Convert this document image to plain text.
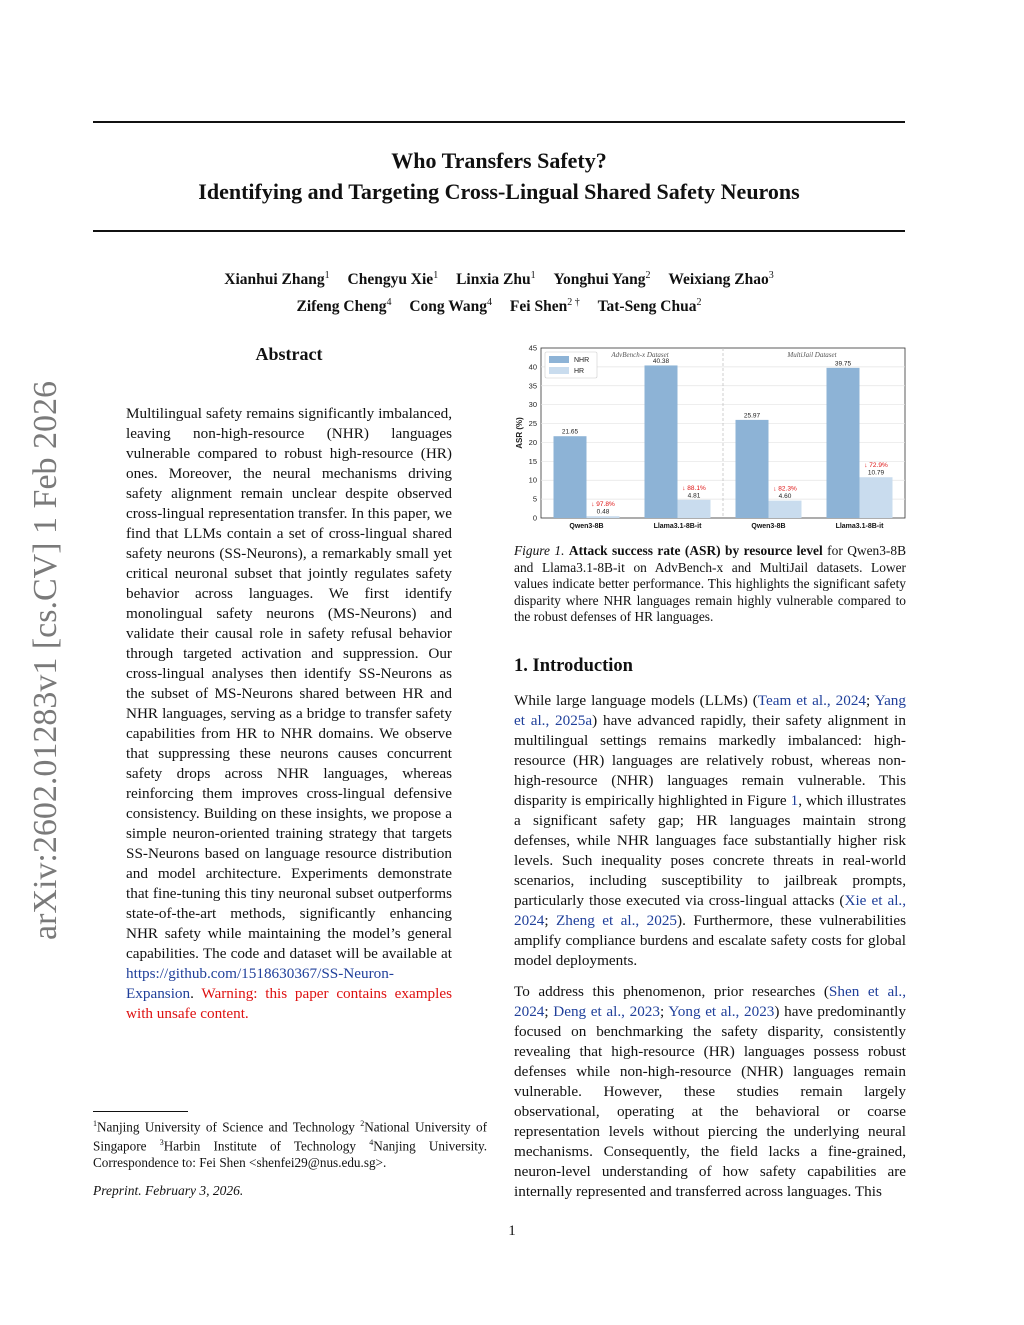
arXiv:2602.01283v1 [cs.CV] 1 Feb 2026
Who Transfers Safety?
Identifying and Targeting Cross-Lingual Shared Safety Neurons
Xianhui Zhang$^1$ Chengyu Xie$^1$ Linxia Zhu$^1$ Yonghui Yang$^2$ Weixiang Zhao$^3$
Zifeng Cheng$^4$ Cong Wang$^4$ Fei Shen$^{2 \dagger}$ Tat-Seng Chua$^2$
Abstract
Multilingual safety remains significantly imbalanced, leaving non-high-resource (NHR) languages vulnerable compared to robust high-resource (HR) ones. Moreover, the neural mechanisms driving safety alignment remain unclear despite observed cross-lingual representation transfer. In this paper, we find that LLMs contain a set of cross-lingual shared safety neurons (SS-Neurons), a remarkably small yet critical neuronal subset that jointly regulates safety behavior across languages. We first identify monolingual safety neurons (MS-Neurons) and validate their causal role in safety refusal behavior through targeted activation and suppression. Our cross-lingual analyses then identify SS-Neurons as the subset of MS-Neurons shared between HR and NHR languages, serving as a bridge to transfer safety capabilities from HR to NHR domains. We observe that suppressing these neurons causes concurrent safety drops across NHR languages, whereas reinforcing them improves cross-lingual defensive consistency. Building on these insights, we propose a simple neuron-oriented training strategy that targets SS-Neurons based on language resource distribution and model architecture. Experiments demonstrate that fine-tuning this tiny neuronal subset outperforms state-of-the-art methods, significantly enhancing NHR safety while maintaining the model’s general capabilities. The code and dataset will be available at https://github.com/1518630367/SS-Neuron-Expansion. Warning: this paper contains examples with unsafe content.
$^1$Nanjing University of Science and Technology $^2$National University of Singapore $^3$Harbin Institute of Technology $^4$Nanjing University. Correspondence to: Fei Shen <shenfei29@nus.edu.sg>.
Preprint. February 3, 2026.
0
5
10
15
20
25
30
35
40
45
ASR (%)
AdvBench-x Dataset	MultiJail Dataset
21.65
0.48
↓ 97.8%
Qwen3-8B
40.38
4.81
↓ 88.1%
Llama3.1-8B-it
25.97
4.60
↓ 82.3%
Qwen3-8B
39.75
10.79
↓ 72.9%
Llama3.1-8B-it
NHR
HR
Figure 1. Attack success rate (ASR) by resource level for Qwen3-8B and Llama3.1-8B-it on AdvBench-x and MultiJail datasets. Lower values indicate better performance. This highlights the significant safety disparity where NHR languages remain highly vulnerable compared to the robust defenses of HR languages.
1. Introduction
While large language models (LLMs) (Team et al., 2024; Yang et al., 2025a) have advanced rapidly, their safety alignment in multilingual settings remains markedly imbalanced: high-resource (HR) languages are relatively robust, whereas non-high-resource (NHR) languages remain vulnerable. This disparity is empirically highlighted in Figure 1, which illustrates a significant safety gap; HR languages maintain strong defenses, while NHR languages face substantially higher risk levels. Such inequality poses concrete threats in real-world scenarios, including susceptibility to jailbreak prompts, particularly those executed via cross-lingual attacks (Xie et al., 2024; Zheng et al., 2025). Furthermore, these vulnerabilities amplify compliance burdens and escalate safety costs for global model deployments.
To address this phenomenon, prior researches (Shen et al., 2024; Deng et al., 2023; Yong et al., 2023) have predominantly focused on benchmarking the safety disparity, consistently revealing that high-resource (HR) languages possess robust defenses while non-high-resource (NHR) languages remain vulnerable. However, these studies remain largely observational, operating at the behavioral or coarse representation levels without piercing the underlying neural mechanisms. Consequently, the field lacks a fine-grained, neuron-level understanding of how safety capabilities are internally represented and transferred across languages. This
1
